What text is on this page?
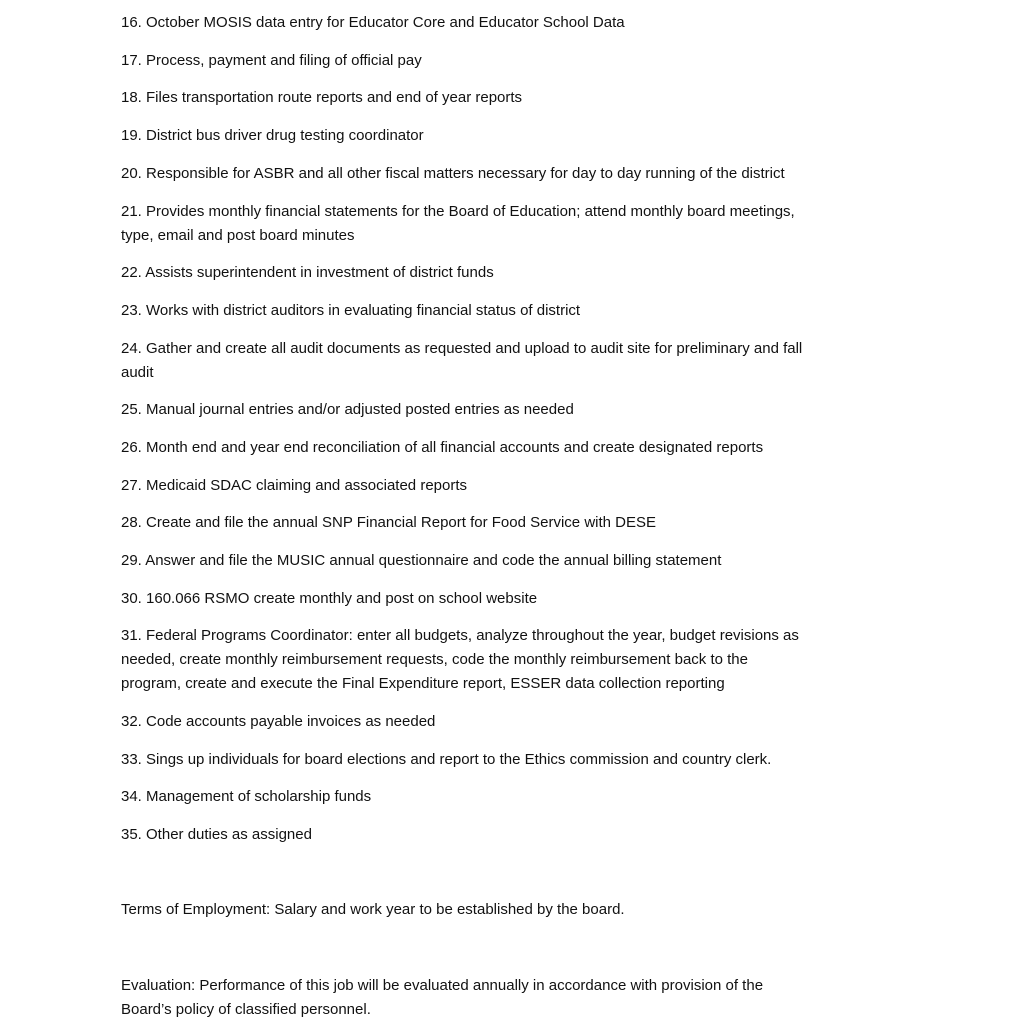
16. October MOSIS data entry for Educator Core and Educator School Data
17. Process, payment and filing of official pay
18. Files transportation route reports and end of year reports
19. District bus driver drug testing coordinator
20. Responsible for ASBR and all other fiscal matters necessary for day to day running of the district
21. Provides monthly financial statements for the Board of Education; attend monthly board meetings,
type, email and post board minutes
22. Assists superintendent in investment of district funds
23. Works with district auditors in evaluating financial status of district
24. Gather and create all audit documents as requested and upload to audit site for preliminary and fall
audit
25. Manual journal entries and/or adjusted posted entries as needed
26. Month end and year end reconciliation of all financial accounts and create designated reports
27. Medicaid SDAC claiming and associated reports
28. Create and file the annual SNP Financial Report for Food Service with DESE
29. Answer and file the MUSIC annual questionnaire and code the annual billing statement
30. 160.066 RSMO create monthly and post on school website
31. Federal Programs Coordinator: enter all budgets, analyze throughout the year, budget revisions as
needed, create monthly reimbursement requests, code the monthly reimbursement back to the
program, create and execute the Final Expenditure report, ESSER data collection reporting
32. Code accounts payable invoices as needed
33. Sings up individuals for board elections and report to the Ethics commission and country clerk.
34. Management of scholarship funds
35. Other duties as assigned
Terms of Employment: Salary and work year to be established by the board.
Evaluation: Performance of this job will be evaluated annually in accordance with provision of the
Board’s policy of classified personnel.
